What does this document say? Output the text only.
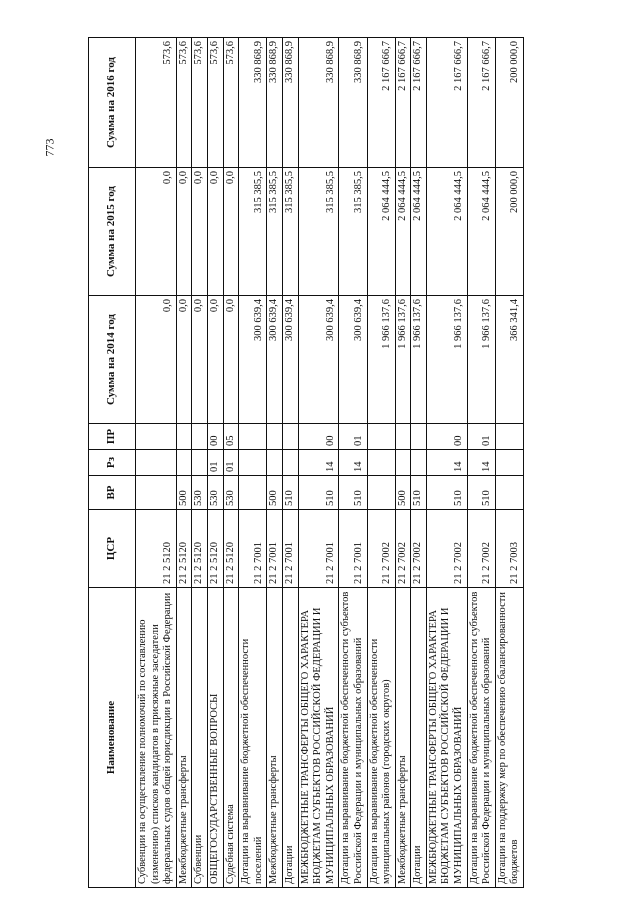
773
Наименование	ЦСР	ВР	Рз	ПР	Сумма на 2014 год	Сумма на 2015 год	Сумма на 2016 год
Субвенции на осуществление полномочий по составлению (изменению) списков кандидатов в присяжные заседатели федеральных судов общей юрисдикции в Российской Федерации	21 2 5120				0,0	0,0	573,6
Межбюджетные трансферты	21 2 5120	500			0,0	0,0	573,6
Субвенции	21 2 5120	530			0,0	0,0	573,6
ОБЩЕГОСУДАРСТВЕННЫЕ ВОПРОСЫ	21 2 5120	530	01	00	0,0	0,0	573,6
Судебная система	21 2 5120	530	01	05	0,0	0,0	573,6
Дотации на выравнивание бюджетной обеспеченности поселений	21 2 7001				300 639,4	315 385,5	330 868,9
Межбюджетные трансферты	21 2 7001	500			300 639,4	315 385,5	330 868,9
Дотации	21 2 7001	510			300 639,4	315 385,5	330 868,9
МЕЖБЮДЖЕТНЫЕ ТРАНСФЕРТЫ ОБЩЕГО ХАРАКТЕРА БЮДЖЕТАМ СУБЪЕКТОВ РОССИЙСКОЙ ФЕДЕРАЦИИ И МУНИЦИПАЛЬНЫХ ОБРАЗОВАНИЙ	21 2 7001	510	14	00	300 639,4	315 385,5	330 868,9
Дотации на выравнивание бюджетной обеспеченности субъектов Российской Федерации и муниципальных образований	21 2 7001	510	14	01	300 639,4	315 385,5	330 868,9
Дотации на выравнивание бюджетной обеспеченности муниципальных районов (городских округов)	21 2 7002				1 966 137,6	2 064 444,5	2 167 666,7
Межбюджетные трансферты	21 2 7002	500			1 966 137,6	2 064 444,5	2 167 666,7
Дотации	21 2 7002	510			1 966 137,6	2 064 444,5	2 167 666,7
МЕЖБЮДЖЕТНЫЕ ТРАНСФЕРТЫ ОБЩЕГО ХАРАКТЕРА БЮДЖЕТАМ СУБЪЕКТОВ РОССИЙСКОЙ ФЕДЕРАЦИИ И МУНИЦИПАЛЬНЫХ ОБРАЗОВАНИЙ	21 2 7002	510	14	00	1 966 137,6	2 064 444,5	2 167 666,7
Дотации на выравнивание бюджетной обеспеченности субъектов Российской Федерации и муниципальных образований	21 2 7002	510	14	01	1 966 137,6	2 064 444,5	2 167 666,7
Дотации на поддержку мер по обеспечению сбалансированности бюджетов	21 2 7003				366 341,4	200 000,0	200 000,0
